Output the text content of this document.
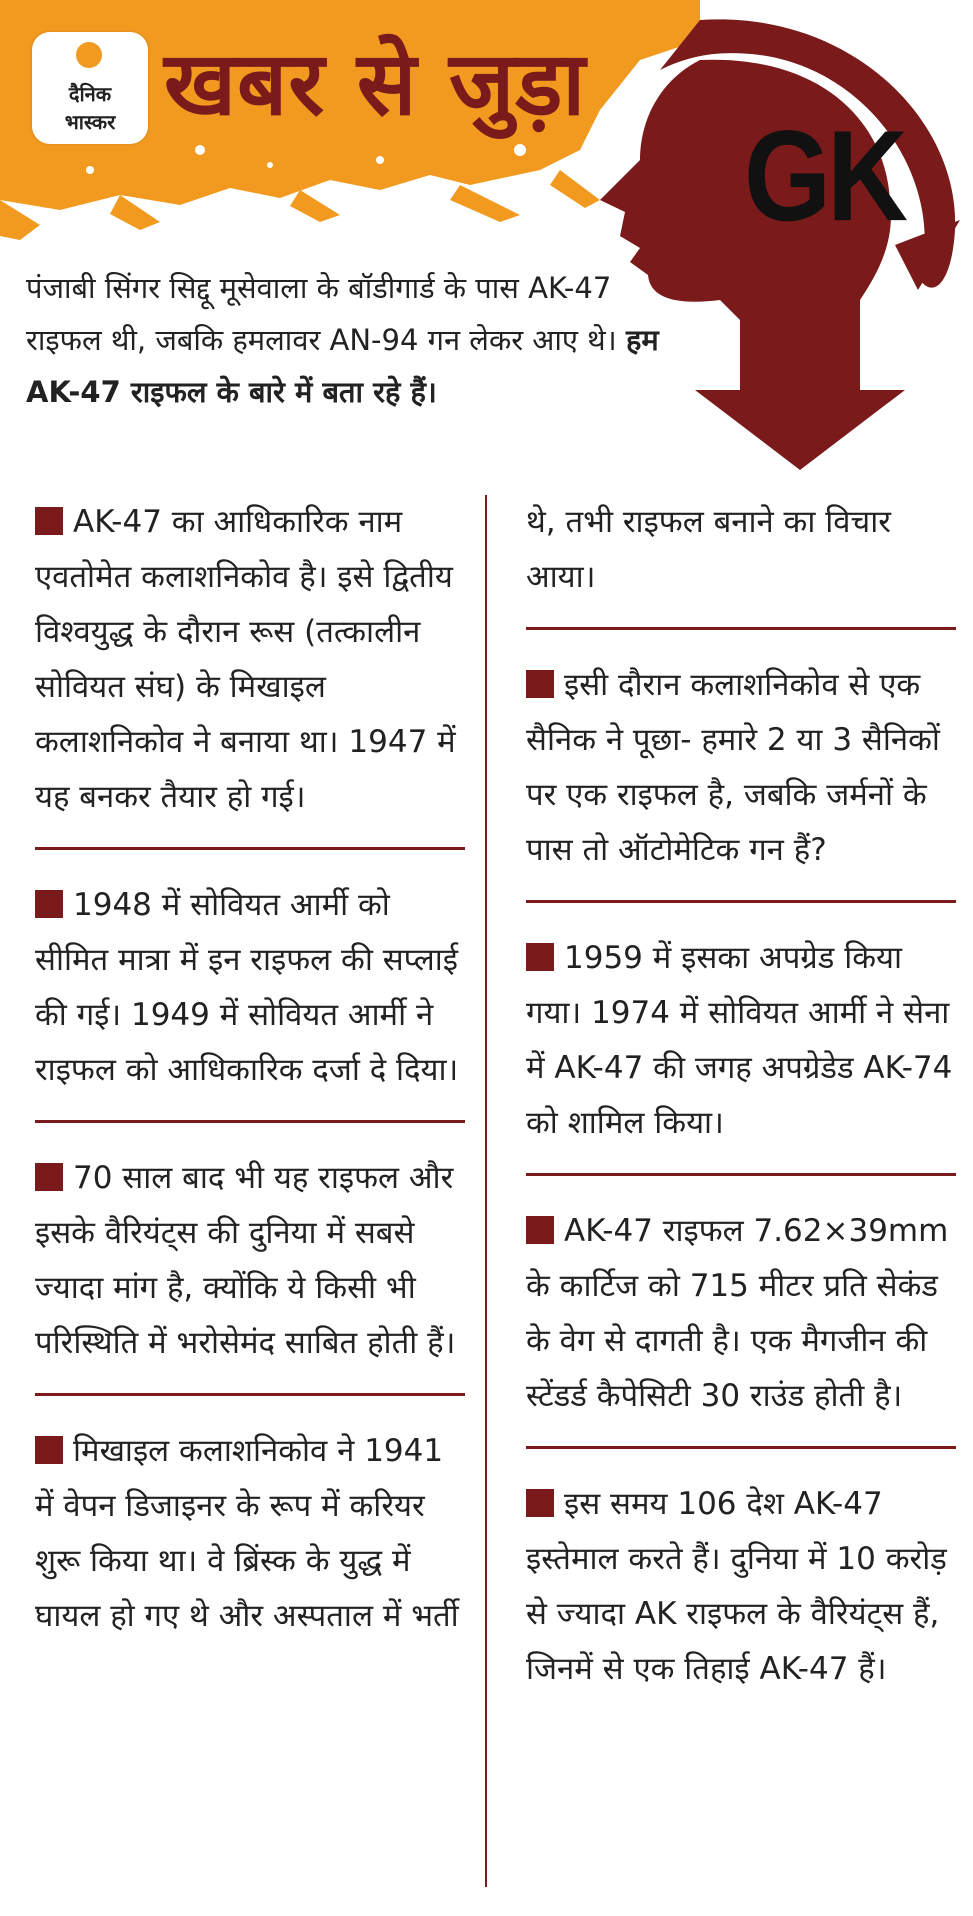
दैनिक
भास्कर खबर से जुड़ा
GK
पंजाबी सिंगर सिद्दू मूसेवाला के बॉडीगार्ड के पास AK-47 राइफल थी, जबकि हमलावर AN-94 गन लेकर आए थे। हम AK-47 राइफल के बारे में बता रहे हैं।
AK-47 का आधिकारिक नाम एवतोमेत कलाशनिकोव है। इसे द्वितीय विश्वयुद्ध के दौरान रूस (तत्कालीन सोवियत संघ) के मिखाइल कलाशनिकोव ने बनाया था। 1947 में यह बनकर तैयार हो गई।
1948 में सोवियत आर्मी को सीमित मात्रा में इन राइफल की सप्लाई की गई। 1949 में सोवियत आर्मी ने राइफल को आधिकारिक दर्जा दे दिया।
70 साल बाद भी यह राइफल और इसके वैरियंट्स की दुनिया में सबसे ज्यादा मांग है, क्योंकि ये किसी भी परिस्थिति में भरोसेमंद साबित होती हैं।
मिखाइल कलाशनिकोव ने 1941 में वेपन डिजाइनर के रूप में करियर शुरू किया था। वे ब्रिंस्क के युद्ध में घायल हो गए थे और अस्पताल में भर्ती
थे, तभी राइफल बनाने का विचार आया।
इसी दौरान कलाशनिकोव से एक सैनिक ने पूछा- हमारे 2 या 3 सैनिकों पर एक राइफल है, जबकि जर्मनों के पास तो ऑटोमेटिक गन हैं?
1959 में इसका अपग्रेड किया गया। 1974 में सोवियत आर्मी ने सेना में AK-47 की जगह अपग्रेडेड AK-74 को शामिल किया।
AK-47 राइफल 7.62×39mm के कार्टिज को 715 मीटर प्रति सेकंड के वेग से दागती है। एक मैगजीन की स्टेंडर्ड कैपेसिटी 30 राउंड होती है।
इस समय 106 देश AK-47 इस्तेमाल करते हैं। दुनिया में 10 करोड़ से ज्यादा AK राइफल के वैरियंट्स हैं, जिनमें से एक तिहाई AK-47 हैं।
